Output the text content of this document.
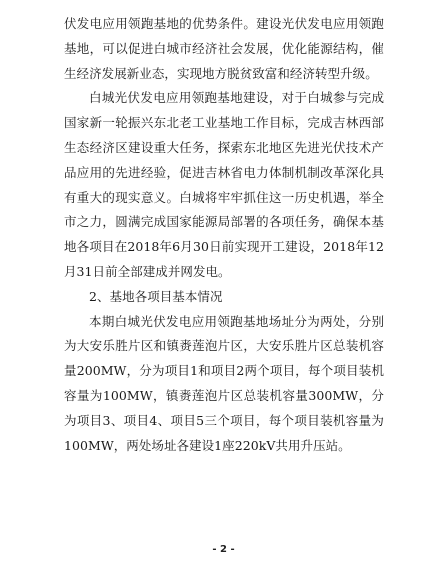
伏发电应用领跑基地的优势条件。建设光伏发电应用领跑基地，可以促进白城市经济社会发展，优化能源结构，催生经济发展新业态，实现地方脱贫致富和经济转型升级。

白城光伏发电应用领跑基地建设，对于白城参与完成国家新一轮振兴东北老工业基地工作目标，完成吉林西部生态经济区建设重大任务，探索东北地区先进光伏技术产品应用的先进经验，促进吉林省电力体制机制改革深化具有重大的现实意义。白城将牢牢抓住这一历史机遇，举全市之力，圆满完成国家能源局部署的各项任务，确保本基地各项目在2018年6月30日前实现开工建设，2018年12月31日前全部建成并网发电。

2、基地各项目基本情况

本期白城光伏发电应用领跑基地场址分为两处，分别为大安乐胜片区和镇赉莲泡片区，大安乐胜片区总装机容量200MW，分为项目1和项目2两个项目，每个项目装机容量为100MW，镇赉莲泡片区总装机容量300MW，分为项目3、项目4、项目5三个项目，每个项目装机容量为100MW，两处场址各建设1座220kV共用升压站。

- 2 -
